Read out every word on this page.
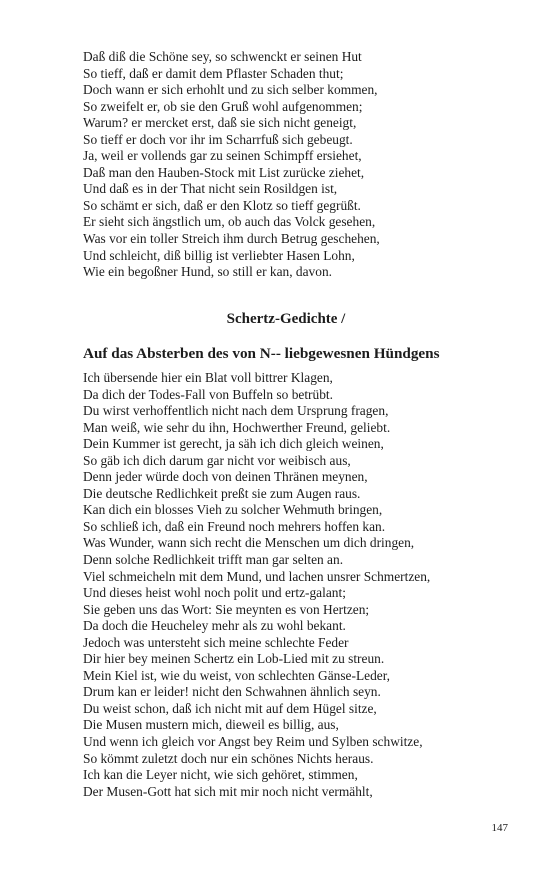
Daß diß die Schöne sey, so schwenckt er seinen Hut
So tieff, daß er damit dem Pflaster Schaden thut;
Doch wann er sich erhohlt und zu sich selber kommen,
So zweifelt er, ob sie den Gruß wohl aufgenommen;
Warum? er mercket erst, daß sie sich nicht geneigt,
So tieff er doch vor ihr im Scharrfuß sich gebeugt.
Ja, weil er vollends gar zu seinen Schimpff ersiehet,
Daß man den Hauben-Stock mit List zurücke ziehet,
Und daß es in der That nicht sein Rosildgen ist,
So schämt er sich, daß er den Klotz so tieff gegrüßt.
Er sieht sich ängstlich um, ob auch das Volck gesehen,
Was vor ein toller Streich ihm durch Betrug geschehen,
Und schleicht, diß billig ist verliebter Hasen Lohn,
Wie ein begoßner Hund, so still er kan, davon.
Schertz-Gedichte /
Auf das Absterben des von N-- liebgewesnen Hündgens
Ich übersende hier ein Blat voll bittrer Klagen,
Da dich der Todes-Fall von Buffeln so betrübt.
Du wirst verhoffentlich nicht nach dem Ursprung fragen,
Man weiß, wie sehr du ihn, Hochwerther Freund, geliebt.
Dein Kummer ist gerecht, ja säh ich dich gleich weinen,
So gäb ich dich darum gar nicht vor weibisch aus,
Denn jeder würde doch von deinen Thränen meynen,
Die deutsche Redlichkeit preßt sie zum Augen raus.
Kan dich ein blosses Vieh zu solcher Wehmuth bringen,
So schließ ich, daß ein Freund noch mehrers hoffen kan.
Was Wunder, wann sich recht die Menschen um dich dringen,
Denn solche Redlichkeit trifft man gar selten an.
Viel schmeicheln mit dem Mund, und lachen unsrer Schmertzen,
Und dieses heist wohl noch polit und ertz-galant;
Sie geben uns das Wort: Sie meynten es von Hertzen;
Da doch die Heucheley mehr als zu wohl bekant.
Jedoch was untersteht sich meine schlechte Feder
Dir hier bey meinen Schertz ein Lob-Lied mit zu streun.
Mein Kiel ist, wie du weist, von schlechten Gänse-Leder,
Drum kan er leider! nicht den Schwahnen ähnlich seyn.
Du weist schon, daß ich nicht mit auf dem Hügel sitze,
Die Musen mustern mich, dieweil es billig, aus,
Und wenn ich gleich vor Angst bey Reim und Sylben schwitze,
So kömmt zuletzt doch nur ein schönes Nichts heraus.
Ich kan die Leyer nicht, wie sich gehöret, stimmen,
Der Musen-Gott hat sich mit mir noch nicht vermählt,
147
